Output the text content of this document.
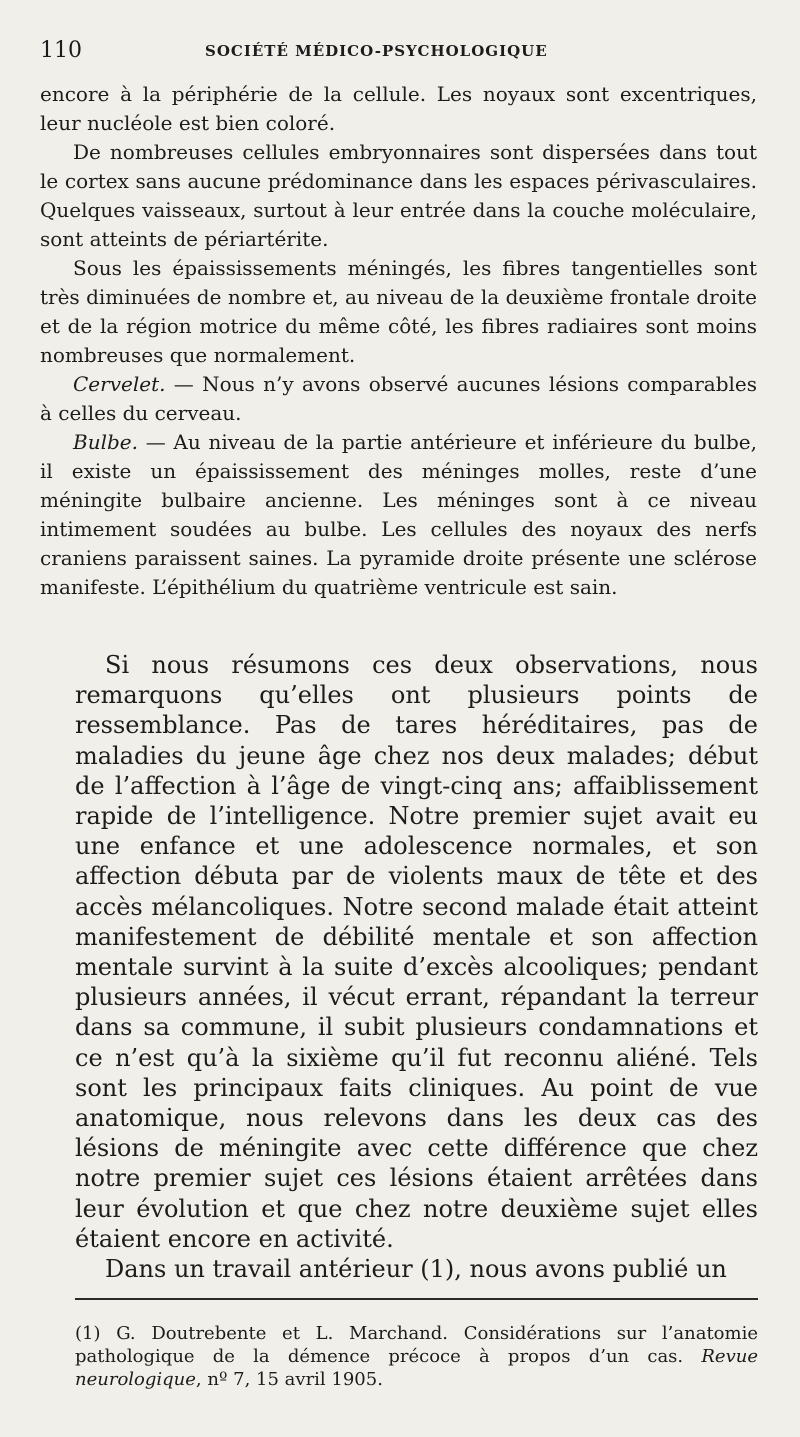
110	SOCIÉTÉ MÉDICO-PSYCHOLOGIQUE

encore à la périphérie de la cellule. Les noyaux sont excentriques, leur nucléole est bien coloré.

De nombreuses cellules embryonnaires sont dispersées dans tout le cortex sans aucune prédominance dans les espaces périvasculaires. Quelques vaisseaux, surtout à leur entrée dans la couche moléculaire, sont atteints de périartérite.

Sous les épaississements méningés, les fibres tangentielles sont très diminuées de nombre et, au niveau de la deuxième frontale droite et de la région motrice du même côté, les fibres radiaires sont moins nombreuses que normalement.

Cervelet. — Nous n’y avons observé aucunes lésions comparables à celles du cerveau.

Bulbe. — Au niveau de la partie antérieure et inférieure du bulbe, il existe un épaississement des méninges molles, reste d’une méningite bulbaire ancienne. Les méninges sont à ce niveau intimement soudées au bulbe. Les cellules des noyaux des nerfs craniens paraissent saines. La pyramide droite présente une sclérose manifeste. L’épithélium du quatrième ventricule est sain.

Si nous résumons ces deux observations, nous remarquons qu’elles ont plusieurs points de ressemblance. Pas de tares héréditaires, pas de maladies du jeune âge chez nos deux malades; début de l’affection à l’âge de vingt-cinq ans; affaiblissement rapide de l’intelligence. Notre premier sujet avait eu une enfance et une adolescence normales, et son affection débuta par de violents maux de tête et des accès mélancoliques. Notre second malade était atteint manifestement de débilité mentale et son affection mentale survint à la suite d’excès alcooliques; pendant plusieurs années, il vécut errant, répandant la terreur dans sa commune, il subit plusieurs condamnations et ce n’est qu’à la sixième qu’il fut reconnu aliéné. Tels sont les principaux faits cliniques. Au point de vue anatomique, nous relevons dans les deux cas des lésions de méningite avec cette différence que chez notre premier sujet ces lésions étaient arrêtées dans leur évolution et que chez notre deuxième sujet elles étaient encore en activité.

Dans un travail antérieur (1), nous avons publié un

(1) G. Doutrebente et L. Marchand. Considérations sur l’anatomie pathologique de la démence précoce à propos d’un cas. Revue neurologique, nº 7, 15 avril 1905.
